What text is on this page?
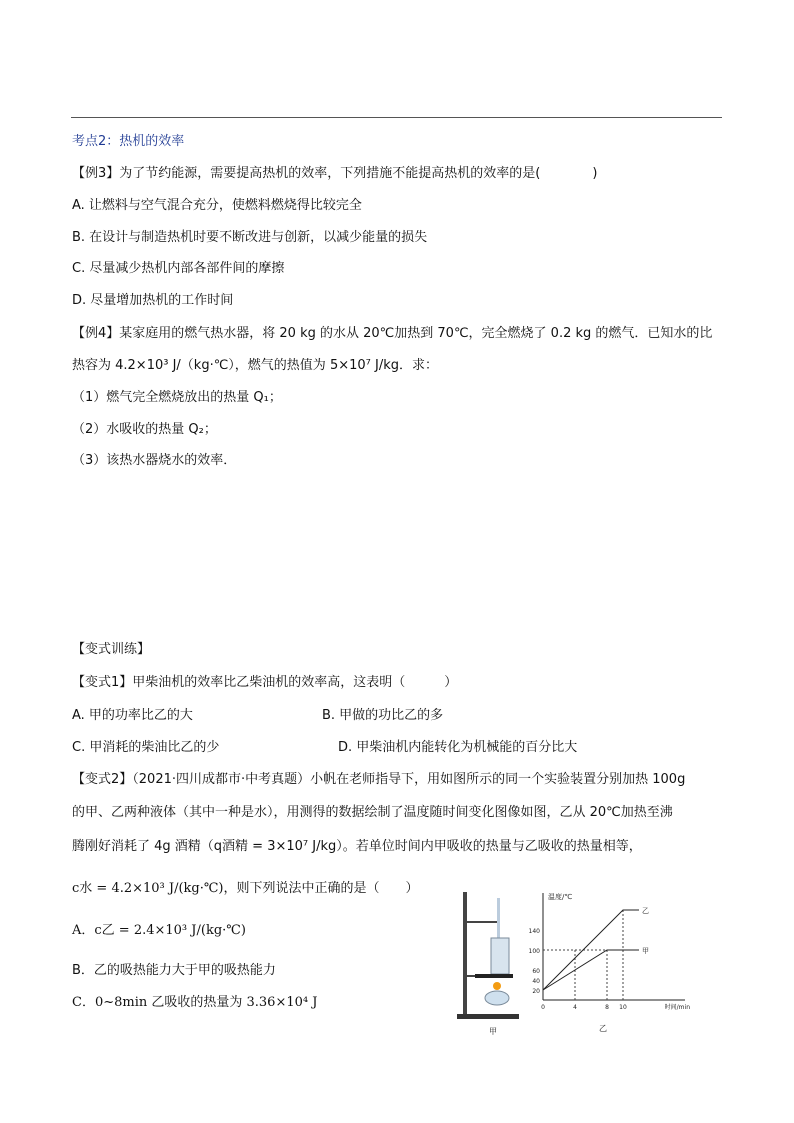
考点2：热机的效率
【例3】为了节约能源，需要提高热机的效率，下列措施不能提高热机的效率的是(　　　　)
A. 让燃料与空气混合充分，使燃料燃烧得比较完全
B. 在设计与制造热机时要不断改进与创新，以减少能量的损失
C. 尽量减少热机内部各部件间的摩擦
D. 尽量增加热机的工作时间
【例4】某家庭用的燃气热水器，将 20 kg 的水从 20℃加热到 70℃，完全燃烧了 0.2 kg 的燃气．已知水的比
热容为 4.2×10³ J/（kg·℃），燃气的热值为 5×10⁷ J/kg．求：
（1）燃气完全燃烧放出的热量 Q₁；
（2）水吸收的热量 Q₂；
（3）该热水器烧水的效率．
【变式训练】
【变式1】甲柴油机的效率比乙柴油机的效率高，这表明（　　　）
A. 甲的功率比乙的大	B. 甲做的功比乙的多
C. 甲消耗的柴油比乙的少	D. 甲柴油机内能转化为机械能的百分比大
【变式2】（2021·四川成都市·中考真题）小帆在老师指导下，用如图所示的同一个实验装置分别加热 100g
的甲、乙两种液体（其中一种是水），用测得的数据绘制了温度随时间变化图像如图，乙从 20℃加热至沸
腾刚好消耗了 4g 酒精（q酒精 = 3×10⁷ J/kg）。若单位时间内甲吸收的热量与乙吸收的热量相等，
c水 = 4.2×10³ J/(kg·℃)，则下列说法中正确的是（　　）
A．c乙 = 2.4×10³ J/(kg·℃)
B．乙的吸热能力大于甲的吸热能力
C．0~8min 乙吸收的热量为 3.36×10⁴ J
甲
20
40
60
100
140
0	4	8 10
乙
甲
温度/℃
时间/min
乙
